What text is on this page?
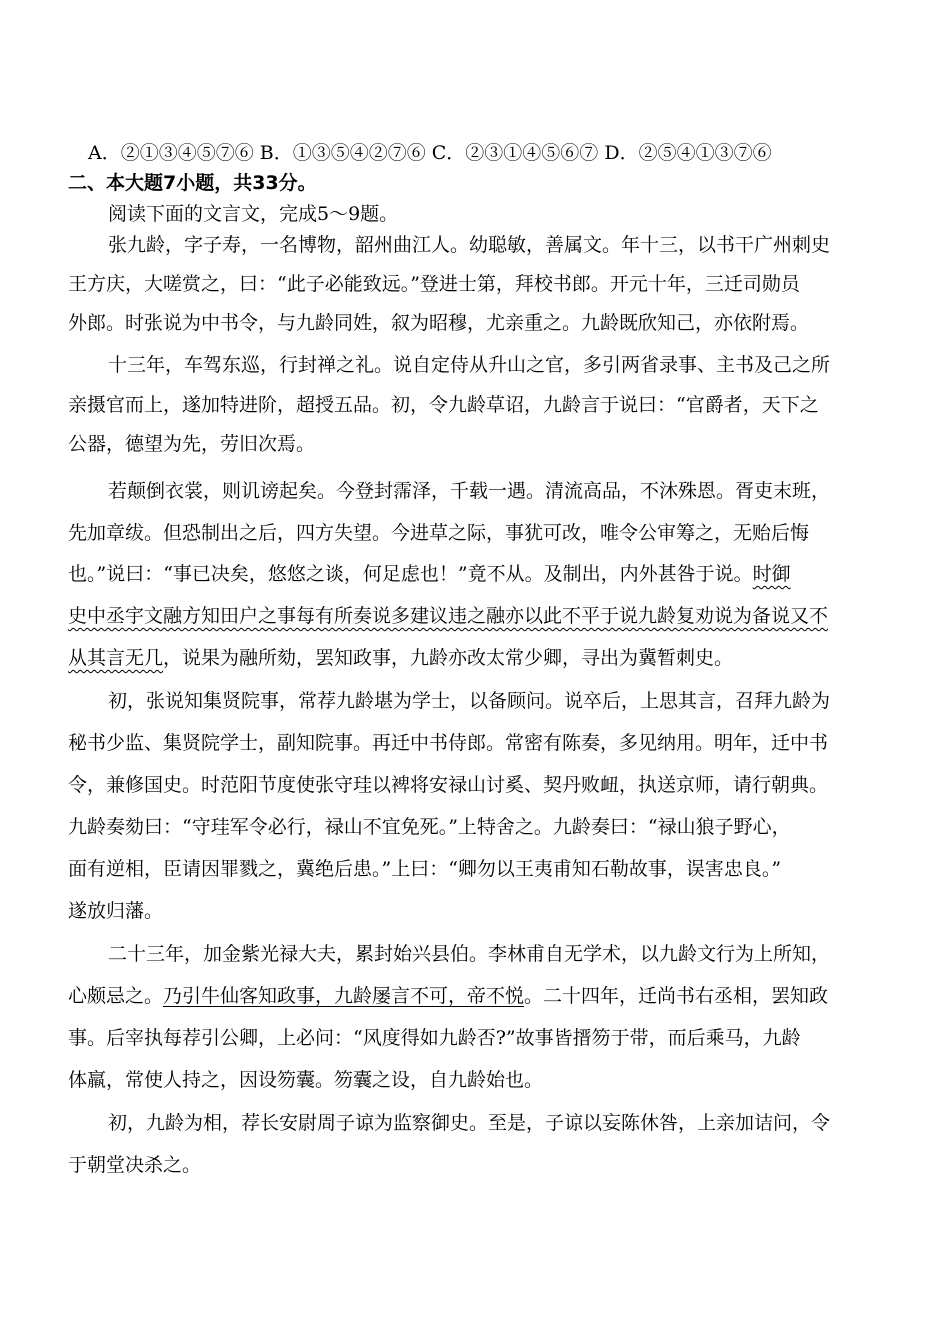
A．②①③④⑤⑦⑥ B．①③⑤④②⑦⑥ C．②③①④⑤⑥⑦ D．②⑤④①③⑦⑥
二、本大题7小题，共33分。
阅读下面的文言文，完成5～9题。
张九龄，字子寿，一名博物，韶州曲江人。幼聪敏，善属文。年十三，以书干广州刺史
王方庆，大嗟赏之，曰：“此子必能致远。”登进士第，拜校书郎。开元十年，三迁司勋员
外郎。时张说为中书令，与九龄同姓，叙为昭穆，尤亲重之。九龄既欣知己，亦依附焉。
十三年，车驾东巡，行封禅之礼。说自定侍从升山之官，多引两省录事、主书及己之所
亲摄官而上，遂加特进阶，超授五品。初，令九龄草诏，九龄言于说曰：“官爵者，天下之
公器，德望为先，劳旧次焉。
若颠倒衣裳，则讥谤起矣。今登封霈泽，千载一遇。清流高品，不沐殊恩。胥吏末班，
先加章绂。但恐制出之后，四方失望。今进草之际，事犹可改，唯令公审筹之，无贻后悔
也。”说曰：“事已决矣，悠悠之谈，何足虑也！”竟不从。及制出，内外甚咎于说。时御
史中丞宇文融方知田户之事每有所奏说多建议违之融亦以此不平于说九龄复劝说为备说又不
从其言无几，说果为融所劾，罢知政事，九龄亦改太常少卿，寻出为冀暂刺史。
初，张说知集贤院事，常荐九龄堪为学士，以备顾问。说卒后，上思其言，召拜九龄为
秘书少监、集贤院学士，副知院事。再迁中书侍郎。常密有陈奏，多见纳用。明年，迁中书
令，兼修国史。时范阳节度使张守珪以裨将安禄山讨奚、契丹败衄，执送京师，请行朝典。
九龄奏劾曰：“守珪军令必行，禄山不宜免死。”上特舍之。九龄奏曰：“禄山狼子野心，
面有逆相，臣请因罪戮之，冀绝后患。”上曰：“卿勿以王夷甫知石勒故事，误害忠良。”
遂放归藩。
二十三年，加金紫光禄大夫，累封始兴县伯。李林甫自无学术，以九龄文行为上所知，
心颇忌之。乃引牛仙客知政事，九龄屡言不可，帝不悦。二十四年，迁尚书右丞相，罢知政
事。后宰执每荐引公卿，上必问：“风度得如九龄否?”故事皆搢笏于带，而后乘马，九龄
体羸，常使人持之，因设笏囊。笏囊之设，自九龄始也。
初，九龄为相，荐长安尉周子谅为监察御史。至是，子谅以妄陈休咎，上亲加诘问，令
于朝堂决杀之。
